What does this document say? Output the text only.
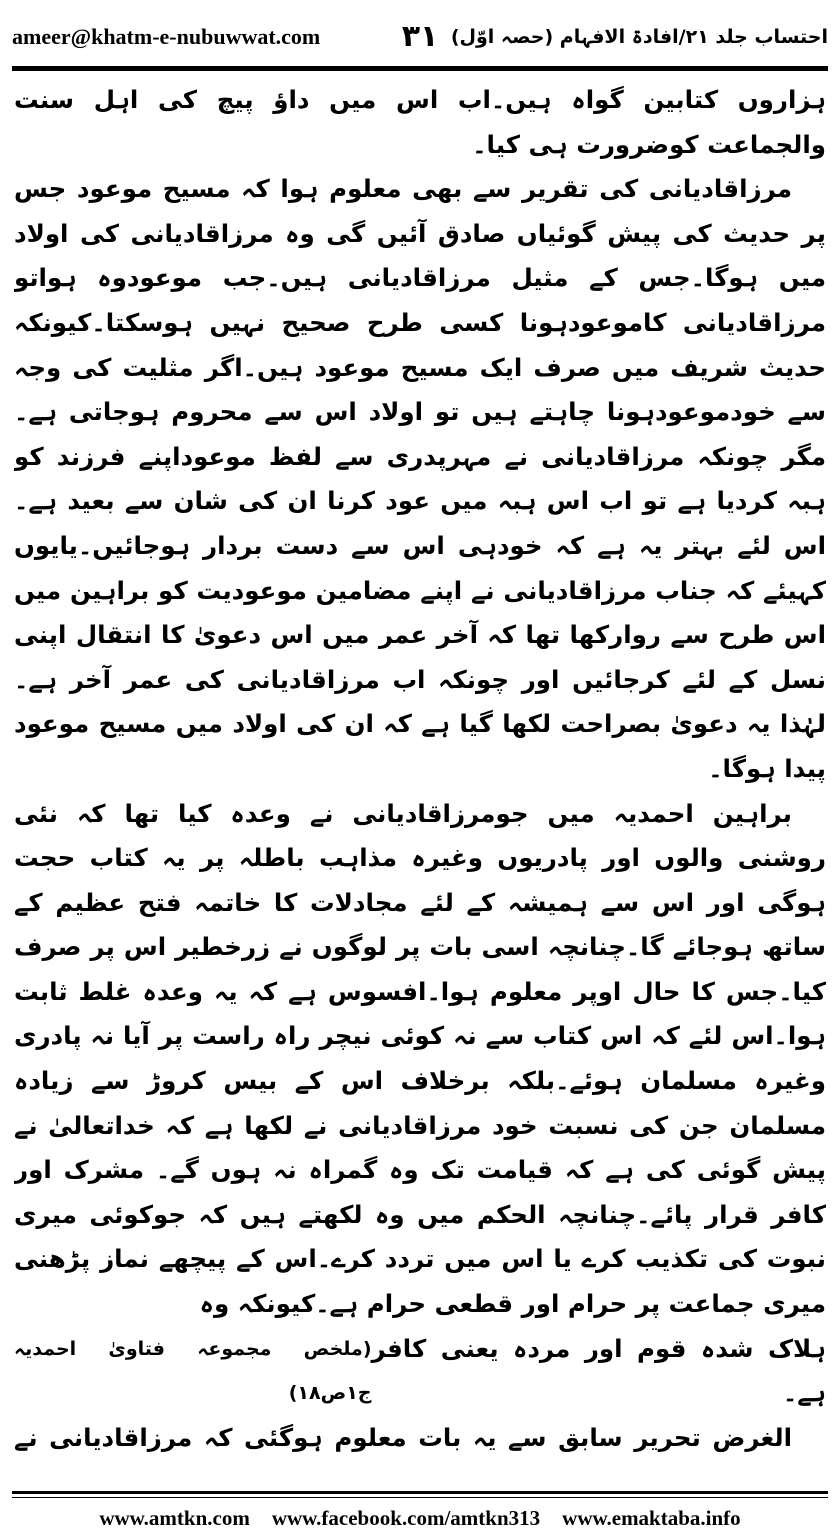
ameer@khatm-e-nubuwwat.com	۳۱ احتساب جلد ۲۱/افادۃ الافہام (حصہ اوّل)

ہزاروں کتابین گواہ ہیں۔اب اس میں داؤ پیچ کی اہل سنت والجماعت کوضرورت ہی کیا۔

مرزاقادیانی کی تقریر سے بھی معلوم ہوا کہ مسیح موعود جس پر حدیث کی پیش گوئیاں صادق آئیں گی وہ مرزاقادیانی کی اولاد میں ہوگا۔جس کے مثیل مرزاقادیانی ہیں۔جب موعودوہ ہواتو مرزاقادیانی کاموعودہونا کسی طرح صحیح نہیں ہوسکتا۔کیونکہ حدیث شریف میں صرف ایک مسیح موعود ہیں۔اگر مثلیت کی وجہ سے خودموعودہونا چاہتے ہیں تو اولاد اس سے محروم ہوجاتی ہے۔مگر چونکہ مرزاقادیانی نے مہرپدری سے لفظ موعوداپنے فرزند کو ہبہ کردیا ہے تو اب اس ہبہ میں عود کرنا ان کی شان سے بعید ہے۔اس لئے بہتر یہ ہے کہ خودہی اس سے دست بردار ہوجائیں۔یایوں کہیئے کہ جناب مرزاقادیانی نے اپنے مضامین موعودیت کو براہین میں اس طرح سے روارکھا تھا کہ آخر عمر میں اس دعویٰ کا انتقال اپنی نسل کے لئے کرجائیں اور چونکہ اب مرزاقادیانی کی عمر آخر ہے۔لہٰذا یہ دعویٰ بصراحت لکھا گیا ہے کہ ان کی اولاد میں مسیح موعود پیدا ہوگا۔

براہین احمدیہ میں جومرزاقادیانی نے وعدہ کیا تھا کہ نئی روشنی والوں اور پادریوں وغیرہ مذاہب باطلہ پر یہ کتاب حجت ہوگی اور اس سے ہمیشہ کے لئے مجادلات کا خاتمہ فتح عظیم کے ساتھ ہوجائے گا۔چنانچہ اسی بات پر لوگوں نے زرخطیر اس پر صرف کیا۔جس کا حال اوپر معلوم ہوا۔افسوس ہے کہ یہ وعدہ غلط ثابت ہوا۔اس لئے کہ اس کتاب سے نہ کوئی نیچر راہ راست پر آیا نہ پادری وغیرہ مسلمان ہوئے۔بلکہ برخلاف اس کے بیس کروڑ سے زیادہ مسلمان جن کی نسبت خود مرزاقادیانی نے لکھا ہے کہ خداتعالیٰ نے پیش گوئی کی ہے کہ قیامت تک وہ گمراہ نہ ہوں گے۔ مشرک اور کافر قرار پائے۔چنانچہ الحکم میں وہ لکھتے ہیں کہ جوکوئی میری نبوت کی تکذیب کرے یا اس میں تردد کرے۔اس کے پیچھے نماز پڑھنی میری جماعت پر حرام اور قطعی حرام ہے۔کیونکہ وہ

ہلاک شدہ قوم اور مردہ یعنی کافر ہے۔
(ملخص مجموعہ فتاویٰ احمدیہ ج۱ص۱۸)

الغرض تحریر سابق سے یہ بات معلوم ہوگئی کہ مرزاقادیانی نے

www.amtkn.com www.facebook.com/amtkn313 www.emaktaba.info
